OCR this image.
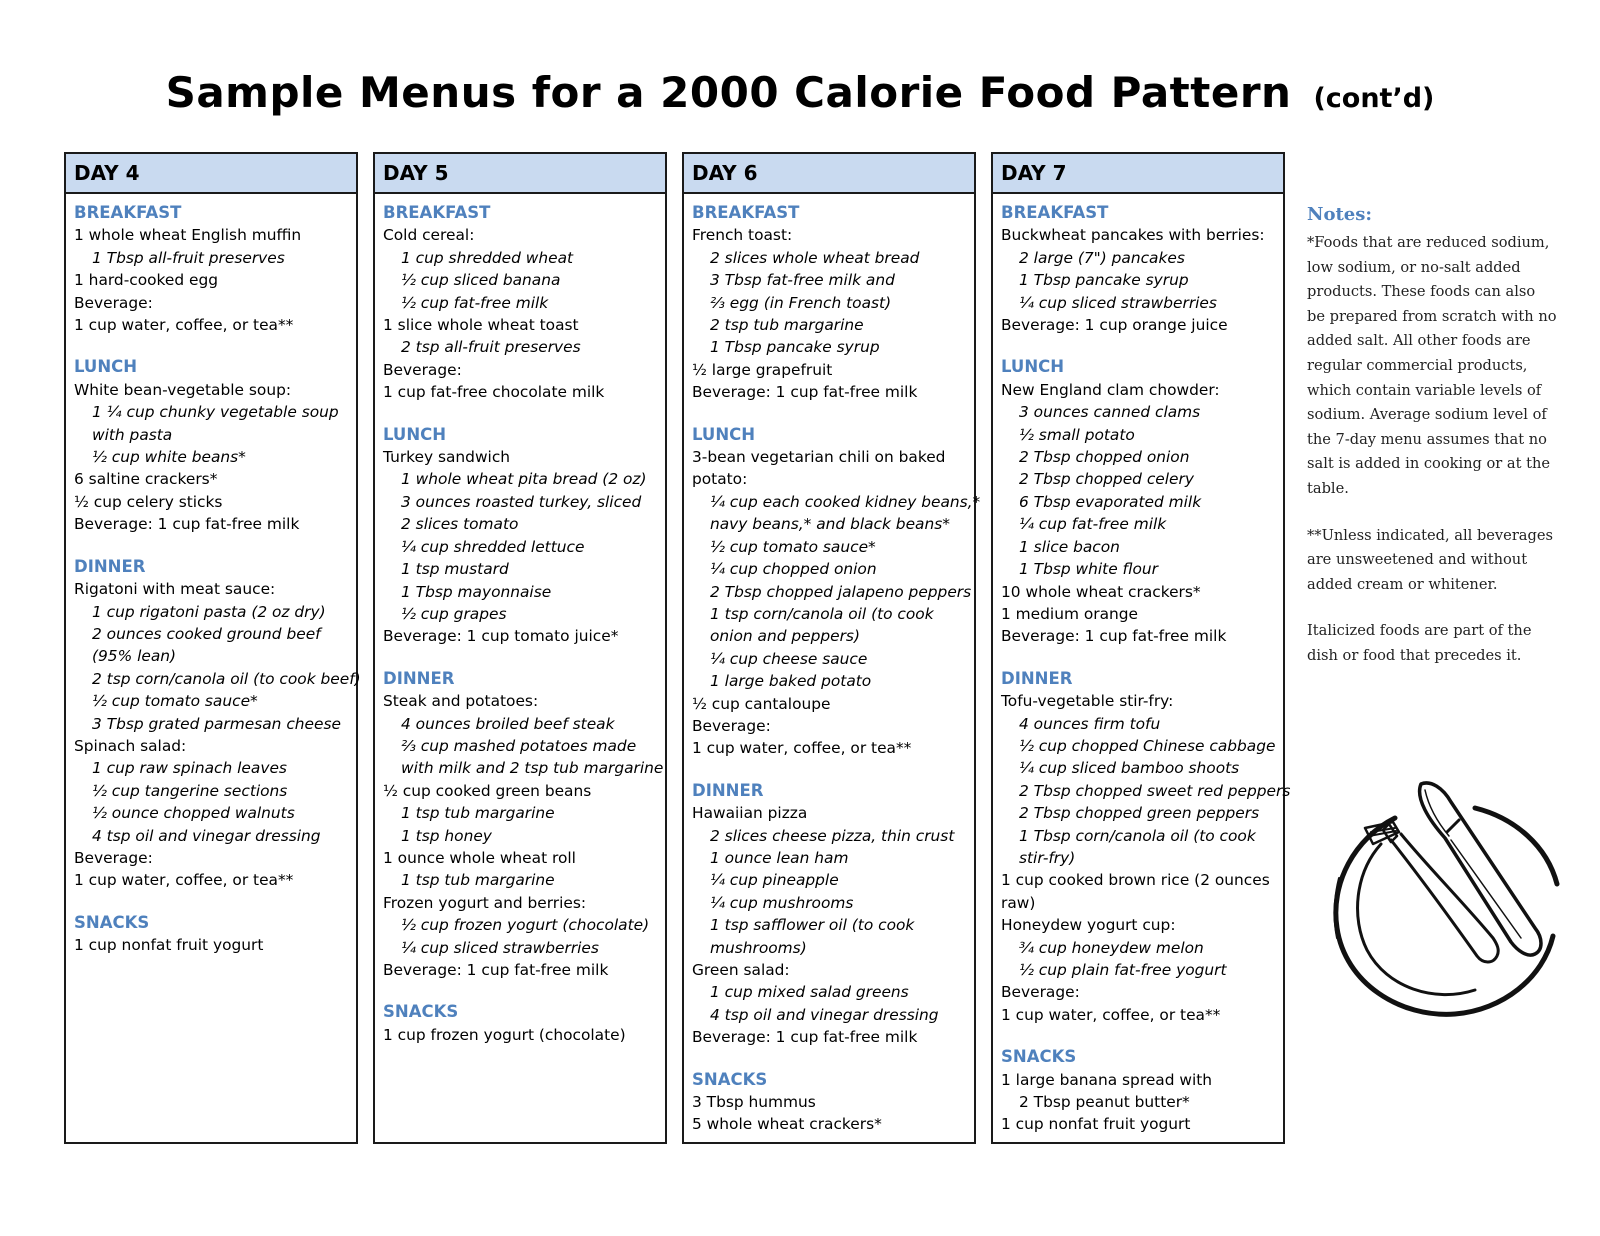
Sample Menus for a 2000 Calorie Food Pattern (cont’d)
DAY 4
BREAKFAST
1 whole wheat English muffin
1 Tbsp all-fruit preserves
1 hard-cooked egg
Beverage:
1 cup water, coffee, or tea**
LUNCH
White bean-vegetable soup:
1 ¼ cup chunky vegetable soup
with pasta
½ cup white beans*
6 saltine crackers*
½ cup celery sticks
Beverage: 1 cup fat-free milk
DINNER
Rigatoni with meat sauce:
1 cup rigatoni pasta (2 oz dry)
2 ounces cooked ground beef
(95% lean)
2 tsp corn/canola oil (to cook beef)
½ cup tomato sauce*
3 Tbsp grated parmesan cheese
Spinach salad:
1 cup raw spinach leaves
½ cup tangerine sections
½ ounce chopped walnuts
4 tsp oil and vinegar dressing
Beverage:
1 cup water, coffee, or tea**
SNACKS
1 cup nonfat fruit yogurt
DAY 5
BREAKFAST
Cold cereal:
1 cup shredded wheat
½ cup sliced banana
½ cup fat-free milk
1 slice whole wheat toast
2 tsp all-fruit preserves
Beverage:
1 cup fat-free chocolate milk
LUNCH
Turkey sandwich
1 whole wheat pita bread (2 oz)
3 ounces roasted turkey, sliced
2 slices tomato
¼ cup shredded lettuce
1 tsp mustard
1 Tbsp mayonnaise
½ cup grapes
Beverage: 1 cup tomato juice*
DINNER
Steak and potatoes:
4 ounces broiled beef steak
⅔ cup mashed potatoes made
with milk and 2 tsp tub margarine
½ cup cooked green beans
1 tsp tub margarine
1 tsp honey
1 ounce whole wheat roll
1 tsp tub margarine
Frozen yogurt and berries:
½ cup frozen yogurt (chocolate)
¼ cup sliced strawberries
Beverage: 1 cup fat-free milk
SNACKS
1 cup frozen yogurt (chocolate)
DAY 6
BREAKFAST
French toast:
2 slices whole wheat bread
3 Tbsp fat-free milk and
⅔ egg (in French toast)
2 tsp tub margarine
1 Tbsp pancake syrup
½ large grapefruit
Beverage: 1 cup fat-free milk
LUNCH
3-bean vegetarian chili on baked
potato:
¼ cup each cooked kidney beans,*
navy beans,* and black beans*
½ cup tomato sauce*
¼ cup chopped onion
2 Tbsp chopped jalapeno peppers
1 tsp corn/canola oil (to cook
onion and peppers)
¼ cup cheese sauce
1 large baked potato
½ cup cantaloupe
Beverage:
1 cup water, coffee, or tea**
DINNER
Hawaiian pizza
2 slices cheese pizza, thin crust
1 ounce lean ham
¼ cup pineapple
¼ cup mushrooms
1 tsp safflower oil (to cook
mushrooms)
Green salad:
1 cup mixed salad greens
4 tsp oil and vinegar dressing
Beverage: 1 cup fat-free milk
SNACKS
3 Tbsp hummus
5 whole wheat crackers*
DAY 7
BREAKFAST
Buckwheat pancakes with berries:
2 large (7") pancakes
1 Tbsp pancake syrup
¼ cup sliced strawberries
Beverage: 1 cup orange juice
LUNCH
New England clam chowder:
3 ounces canned clams
½ small potato
2 Tbsp chopped onion
2 Tbsp chopped celery
6 Tbsp evaporated milk
¼ cup fat-free milk
1 slice bacon
1 Tbsp white flour
10 whole wheat crackers*
1 medium orange
Beverage: 1 cup fat-free milk
DINNER
Tofu-vegetable stir-fry:
4 ounces firm tofu
½ cup chopped Chinese cabbage
¼ cup sliced bamboo shoots
2 Tbsp chopped sweet red peppers
2 Tbsp chopped green peppers
1 Tbsp corn/canola oil (to cook
stir-fry)
1 cup cooked brown rice (2 ounces
raw)
Honeydew yogurt cup:
¾ cup honeydew melon
½ cup plain fat-free yogurt
Beverage:
1 cup water, coffee, or tea**
SNACKS
1 large banana spread with
2 Tbsp peanut butter*
1 cup nonfat fruit yogurt
Notes:

*Foods that are reduced sodium, low sodium, or no-salt added products. These foods can also be prepared from scratch with no added salt. All other foods are regular commercial products, which contain variable levels of sodium. Average sodium level of the 7-day menu assumes that no salt is added in cooking or at the table.

**Unless indicated, all beverages are unsweetened and without added cream or whitener.

Italicized foods are part of the dish or food that precedes it.
